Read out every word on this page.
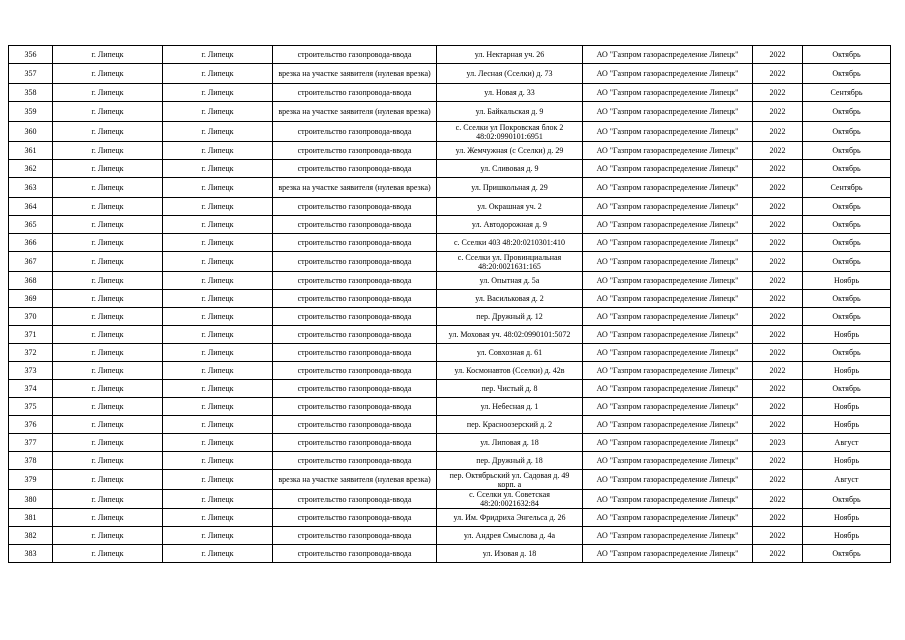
356	г. Липецк	г. Липецк	строительство газопровода-ввода	ул. Нектарная уч. 26	АО "Газпром газораспределение Липецк"	2022	Октябрь
357	г. Липецк	г. Липецк	врезка на участке заявителя (нулевая врезка)	ул. Лесная (Сселки) д. 73	АО "Газпром газораспределение Липецк"	2022	Октябрь
358	г. Липецк	г. Липецк	строительство газопровода-ввода	ул. Новая д. 33	АО "Газпром газораспределение Липецк"	2022	Сентябрь
359	г. Липецк	г. Липецк	врезка на участке заявителя (нулевая врезка)	ул. Байкальская д. 9	АО "Газпром газораспределение Липецк"	2022	Октябрь
360	г. Липецк	г. Липецк	строительство газопровода-ввода	с. Сселки ул Покровская блок 2 48:02:0990101:6951	АО "Газпром газораспределение Липецк"	2022	Октябрь
361	г. Липецк	г. Липецк	строительство газопровода-ввода	ул. Жемчужная (с Сселки) д. 29	АО "Газпром газораспределение Липецк"	2022	Октябрь
362	г. Липецк	г. Липецк	строительство газопровода-ввода	ул. Сливовая д. 9	АО "Газпром газораспределение Липецк"	2022	Октябрь
363	г. Липецк	г. Липецк	врезка на участке заявителя (нулевая врезка)	ул. Пришкольная д. 29	АО "Газпром газораспределение Липецк"	2022	Сентябрь
364	г. Липецк	г. Липецк	строительство газопровода-ввода	ул. Окрашная уч. 2	АО "Газпром газораспределение Липецк"	2022	Октябрь
365	г. Липецк	г. Липецк	строительство газопровода-ввода	ул. Автодорожная д. 9	АО "Газпром газораспределение Липецк"	2022	Октябрь
366	г. Липецк	г. Липецк	строительство газопровода-ввода	с. Сселки 403 48:20:0210301:410	АО "Газпром газораспределение Липецк"	2022	Октябрь
367	г. Липецк	г. Липецк	строительство газопровода-ввода	с. Сселки ул. Провинциальная 48:20:0021631:165	АО "Газпром газораспределение Липецк"	2022	Октябрь
368	г. Липецк	г. Липецк	строительство газопровода-ввода	ул. Опытная д. 5а	АО "Газпром газораспределение Липецк"	2022	Ноябрь
369	г. Липецк	г. Липецк	строительство газопровода-ввода	ул. Васильковая д. 2	АО "Газпром газораспределение Липецк"	2022	Октябрь
370	г. Липецк	г. Липецк	строительство газопровода-ввода	пер. Дружный д. 12	АО "Газпром газораспределение Липецк"	2022	Октябрь
371	г. Липецк	г. Липецк	строительство газопровода-ввода	ул. Моховая уч. 48:02:0990101:5072	АО "Газпром газораспределение Липецк"	2022	Ноябрь
372	г. Липецк	г. Липецк	строительство газопровода-ввода	ул. Совхозная д. 61	АО "Газпром газораспределение Липецк"	2022	Октябрь
373	г. Липецк	г. Липецк	строительство газопровода-ввода	ул. Космонавтов (Сселки) д. 42в	АО "Газпром газораспределение Липецк"	2022	Ноябрь
374	г. Липецк	г. Липецк	строительство газопровода-ввода	пер. Чистый д. 8	АО "Газпром газораспределение Липецк"	2022	Октябрь
375	г. Липецк	г. Липецк	строительство газопровода-ввода	ул. Небесная д. 1	АО "Газпром газораспределение Липецк"	2022	Ноябрь
376	г. Липецк	г. Липецк	строительство газопровода-ввода	пер. Красноозерский д. 2	АО "Газпром газораспределение Липецк"	2022	Ноябрь
377	г. Липецк	г. Липецк	строительство газопровода-ввода	ул. Липовая д. 18	АО "Газпром газораспределение Липецк"	2023	Август
378	г. Липецк	г. Липецк	строительство газопровода-ввода	пер. Дружный д. 18	АО "Газпром газораспределение Липецк"	2022	Ноябрь
379	г. Липецк	г. Липецк	врезка на участке заявителя (нулевая врезка)	пер. Октябрьский ул. Садовая д. 49 корп. а	АО "Газпром газораспределение Липецк"	2022	Август
380	г. Липецк	г. Липецк	строительство газопровода-ввода	с. Сселки ул. Советская 48:20:0021632:84	АО "Газпром газораспределение Липецк"	2022	Октябрь
381	г. Липецк	г. Липецк	строительство газопровода-ввода	ул. Им. Фридриха Энгельса д. 26	АО "Газпром газораспределение Липецк"	2022	Ноябрь
382	г. Липецк	г. Липецк	строительство газопровода-ввода	ул. Андрея Смыслова д. 4а	АО "Газпром газораспределение Липецк"	2022	Ноябрь
383	г. Липецк	г. Липецк	строительство газопровода-ввода	ул. Изовая д. 18	АО "Газпром газораспределение Липецк"	2022	Октябрь
